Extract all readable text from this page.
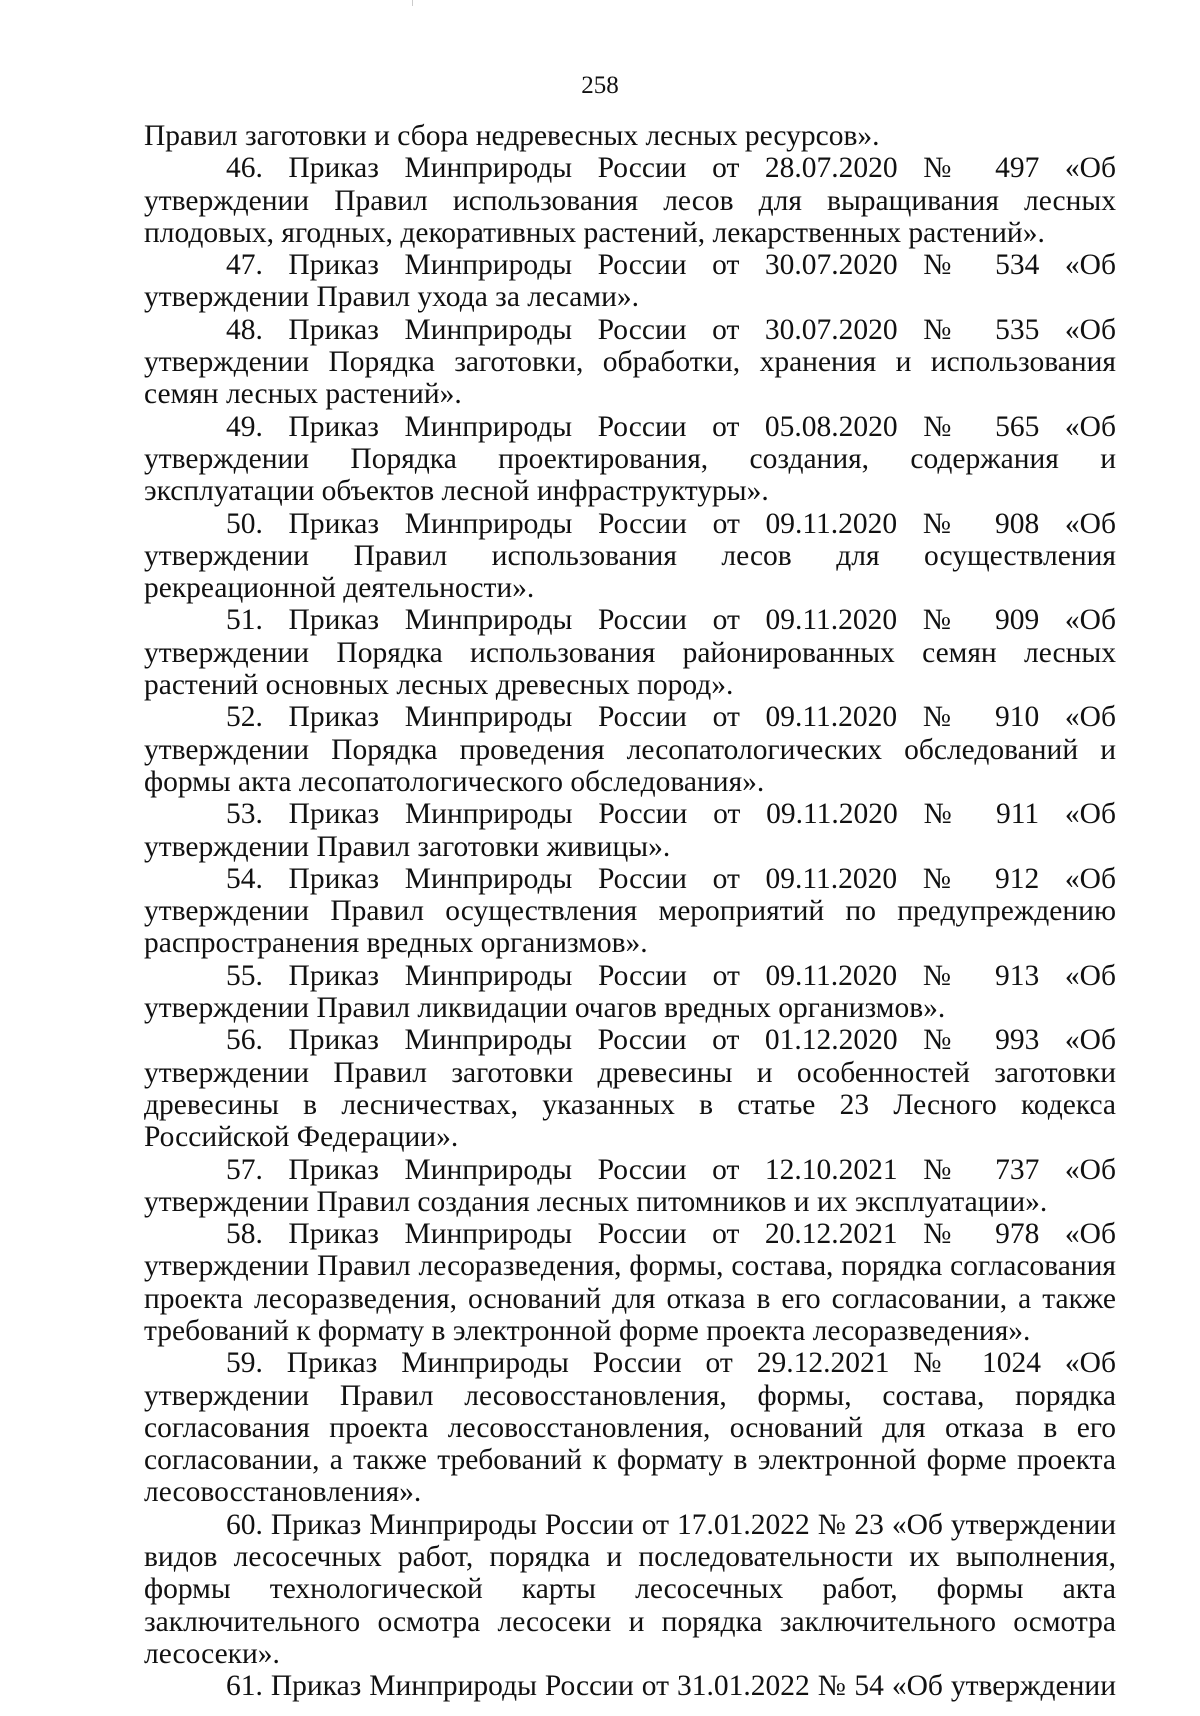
258

Правил заготовки и сбора недревесных лесных ресурсов».

46. Приказ Минприроды России от 28.07.2020 № 497 «Об утверждении Правил использования лесов для выращивания лесных плодовых, ягодных, декоративных растений, лекарственных растений».

47. Приказ Минприроды России от 30.07.2020 № 534 «Об утверждении Правил ухода за лесами».

48. Приказ Минприроды России от 30.07.2020 № 535 «Об утверждении Порядка заготовки, обработки, хранения и использования семян лесных растений».

49. Приказ Минприроды России от 05.08.2020 № 565 «Об утверждении Порядка проектирования, создания, содержания и эксплуатации объектов лесной инфраструктуры».

50. Приказ Минприроды России от 09.11.2020 № 908 «Об утверждении Правил использования лесов для осуществления рекреационной деятельности».

51. Приказ Минприроды России от 09.11.2020 № 909 «Об утверждении Порядка использования районированных семян лесных растений основных лесных древесных пород».

52. Приказ Минприроды России от 09.11.2020 № 910 «Об утверждении Порядка проведения лесопатологических обследований и формы акта лесопатологического обследования».

53. Приказ Минприроды России от 09.11.2020 № 911 «Об утверждении Правил заготовки живицы».

54. Приказ Минприроды России от 09.11.2020 № 912 «Об утверждении Правил осуществления мероприятий по предупреждению распространения вредных организмов».

55. Приказ Минприроды России от 09.11.2020 № 913 «Об утверждении Правил ликвидации очагов вредных организмов».

56. Приказ Минприроды России от 01.12.2020 № 993 «Об утверждении Правил заготовки древесины и особенностей заготовки древесины в лесничествах, указанных в статье 23 Лесного кодекса Российской Федерации».

57. Приказ Минприроды России от 12.10.2021 № 737 «Об утверждении Правил создания лесных питомников и их эксплуатации».

58. Приказ Минприроды России от 20.12.2021 № 978 «Об утверждении Правил лесоразведения, формы, состава, порядка согласования проекта лесоразведения, оснований для отказа в его согласовании, а также требований к формату в электронной форме проекта лесоразведения».

59. Приказ Минприроды России от 29.12.2021 № 1024 «Об утверждении Правил лесовосстановления, формы, состава, порядка согласования проекта лесовосстановления, оснований для отказа в его согласовании, а также требований к формату в электронной форме проекта лесовосстановления».

60. Приказ Минприроды России от 17.01.2022 № 23 «Об утверждении видов лесосечных работ, порядка и последовательности их выполнения, формы технологической карты лесосечных работ, формы акта заключительного осмотра лесосеки и порядка заключительного осмотра лесосеки».

61. Приказ Минприроды России от 31.01.2022 № 54 «Об утверждении
